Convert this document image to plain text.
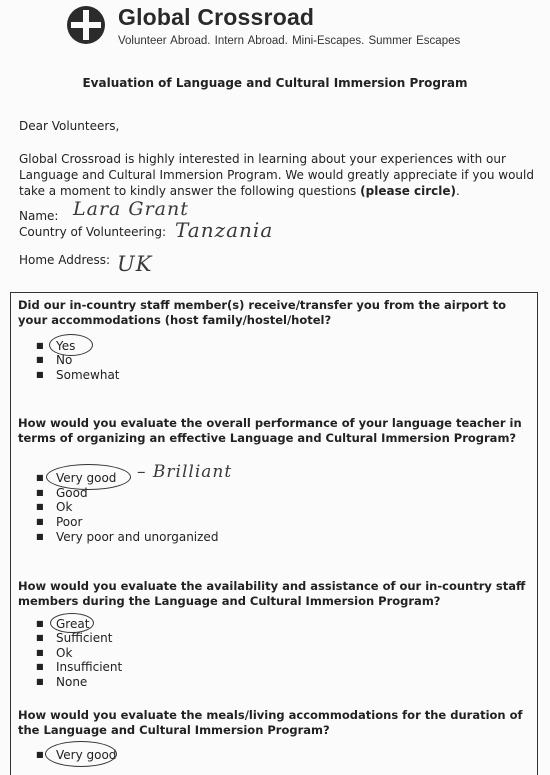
Global Crossroad
Volunteer Abroad. Intern Abroad. Mini-Escapes. Summer Escapes
Evaluation of Language and Cultural Immersion Program
Dear Volunteers,
Global Crossroad is highly interested in learning about your experiences with our Language and Cultural Immersion Program. We would greatly appreciate if you would take a moment to kindly answer the following questions (please circle).
Name: Lara Grant
Country of Volunteering: Tanzania
Home Address: UK
Did our in-country staff member(s) receive/transfer you from the airport to your accommodations (host family/hostel/hotel?
■ Yes
■ No
■ Somewhat
How would you evaluate the overall performance of your language teacher in terms of organizing an effective Language and Cultural Immersion Program?
■ Very good – Brilliant
■ Good
■ Ok
■ Poor
■ Very poor and unorganized
How would you evaluate the availability and assistance of our in-country staff members during the Language and Cultural Immersion Program?
■ Great
■ Sufficient
■ Ok
■ Insufficient
■ None
How would you evaluate the meals/living accommodations for the duration of the Language and Cultural Immersion Program?
■ Very good
